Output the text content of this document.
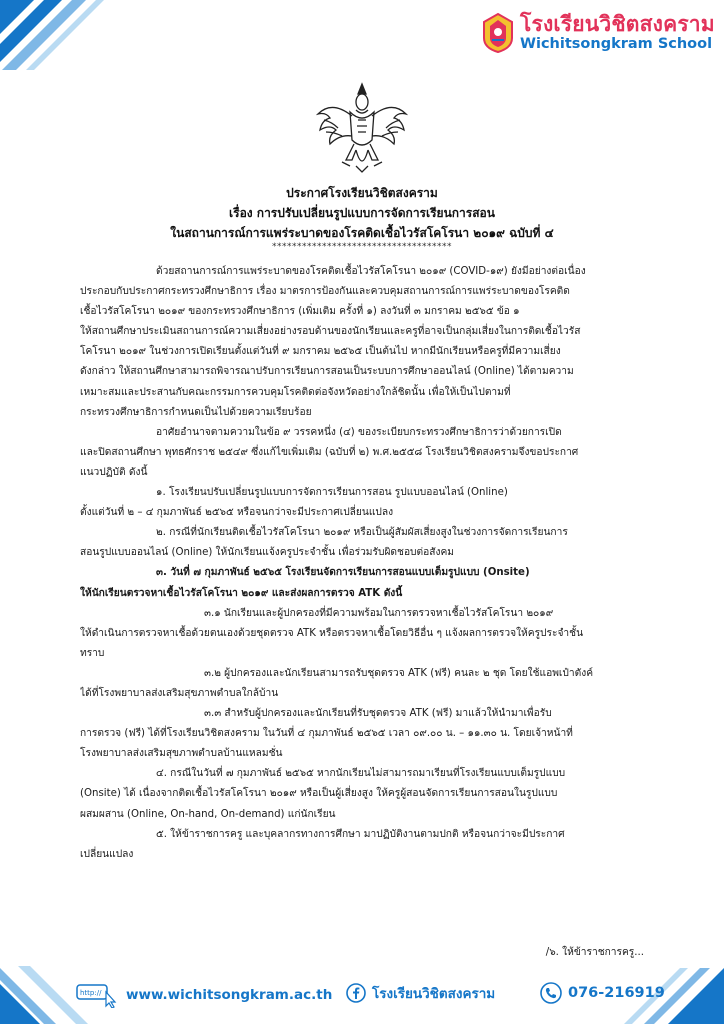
โรงเรียนวิชิตสงคราม
Wichitsongkram School
ประกาศโรงเรียนวิชิตสงคราม
เรื่อง การปรับเปลี่ยนรูปแบบการจัดการเรียนการสอน
ในสถานการณ์การแพร่ระบาดของโรคติดเชื้อไวรัสโคโรนา ๒๐๑๙ ฉบับที่ ๔
************************************

ด้วยสถานการณ์การแพร่ระบาดของโรคติดเชื้อไวรัสโคโรนา ๒๐๑๙ (COVID-๑๙) ยังมีอย่างต่อเนื่อง

ประกอบกับประกาศกระทรวงศึกษาธิการ เรื่อง มาตรการป้องกันและควบคุมสถานการณ์การแพร่ระบาดของโรคติด

เชื้อไวรัสโคโรนา ๒๐๑๙ ของกระทรวงศึกษาธิการ (เพิ่มเติม ครั้งที่ ๑) ลงวันที่ ๓ มกราคม ๒๕๖๕ ข้อ ๑

ให้สถานศึกษาประเมินสถานการณ์ความเสี่ยงอย่างรอบด้านของนักเรียนและครูที่อาจเป็นกลุ่มเสี่ยงในการติดเชื้อไวรัส

โคโรนา ๒๐๑๙ ในช่วงการเปิดเรียนตั้งแต่วันที่ ๙ มกราคม ๒๕๖๕ เป็นต้นไป หากมีนักเรียนหรือครูที่มีความเสี่ยง

ดังกล่าว ให้สถานศึกษาสามารถพิจารณาปรับการเรียนการสอนเป็นระบบการศึกษาออนไลน์ (Online) ได้ตามความ

เหมาะสมและประสานกับคณะกรรมการควบคุมโรคติดต่อจังหวัดอย่างใกล้ชิดนั้น เพื่อให้เป็นไปตามที่

กระทรวงศึกษาธิการกำหนดเป็นไปด้วยความเรียบร้อย

อาศัยอำนาจตามความในข้อ ๙ วรรคหนึ่ง (๔) ของระเบียบกระทรวงศึกษาธิการว่าด้วยการเปิด

และปิดสถานศึกษา พุทธศักราช ๒๕๔๙ ซึ่งแก้ไขเพิ่มเติม (ฉบับที่ ๒) พ.ศ.๒๕๕๘ โรงเรียนวิชิตสงครามจึงขอประกาศ

แนวปฏิบัติ ดังนี้

๑. โรงเรียนปรับเปลี่ยนรูปแบบการจัดการเรียนการสอน รูปแบบออนไลน์ (Online)

ตั้งแต่วันที่ ๒ – ๔ กุมภาพันธ์ ๒๕๖๕ หรือจนกว่าจะมีประกาศเปลี่ยนแปลง

๒. กรณีที่นักเรียนติดเชื้อไวรัสโคโรนา ๒๐๑๙ หรือเป็นผู้สัมผัสเสี่ยงสูงในช่วงการจัดการเรียนการ

สอนรูปแบบออนไลน์ (Online) ให้นักเรียนแจ้งครูประจำชั้น เพื่อร่วมรับผิดชอบต่อสังคม

๓. วันที่ ๗ กุมภาพันธ์ ๒๕๖๕ โรงเรียนจัดการเรียนการสอนแบบเต็มรูปแบบ (Onsite)

ให้นักเรียนตรวจหาเชื้อไวรัสโคโรนา ๒๐๑๙ และส่งผลการตรวจ ATK ดังนี้

๓.๑ นักเรียนและผู้ปกครองที่มีความพร้อมในการตรวจหาเชื้อไวรัสโคโรนา ๒๐๑๙

ให้ดำเนินการตรวจหาเชื้อด้วยตนเองด้วยชุดตรวจ ATK หรือตรวจหาเชื้อโดยวิธีอื่น ๆ แจ้งผลการตรวจให้ครูประจำชั้น

ทราบ

๓.๒ ผู้ปกครองและนักเรียนสามารถรับชุดตรวจ ATK (ฟรี) คนละ ๒ ชุด โดยใช้แอพเป๋าตังค์

ได้ที่โรงพยาบาลส่งเสริมสุขภาพตำบลใกล้บ้าน

๓.๓ สำหรับผู้ปกครองและนักเรียนที่รับชุดตรวจ ATK (ฟรี) มาแล้วให้นำมาเพื่อรับ

การตรวจ (ฟรี) ได้ที่โรงเรียนวิชิตสงคราม ในวันที่ ๔ กุมภาพันธ์ ๒๕๖๕ เวลา ๐๙.๐๐ น. – ๑๑.๓๐ น. โดยเจ้าหน้าที่

โรงพยาบาลส่งเสริมสุขภาพตำบลบ้านแหลมชั่น

๔. กรณีในวันที่ ๗ กุมภาพันธ์ ๒๕๖๕ หากนักเรียนไม่สามารถมาเรียนที่โรงเรียนแบบเต็มรูปแบบ

(Onsite) ได้ เนื่องจากติดเชื้อไวรัสโคโรนา ๒๐๑๙ หรือเป็นผู้เสี่ยงสูง ให้ครูผู้สอนจัดการเรียนการสอนในรูปแบบ

ผสมผสาน (Online, On-hand, On-demand) แก่นักเรียน

๕. ให้ข้าราชการครู และบุคลากรทางการศึกษา มาปฏิบัติงานตามปกติ หรือจนกว่าจะมีประกาศ

เปลี่ยนแปลง

/๖. ให้ข้าราชการครู...
http:// www.wichitsongkram.ac.th	โรงเรียนวิชิตสงคราม	076-216919
